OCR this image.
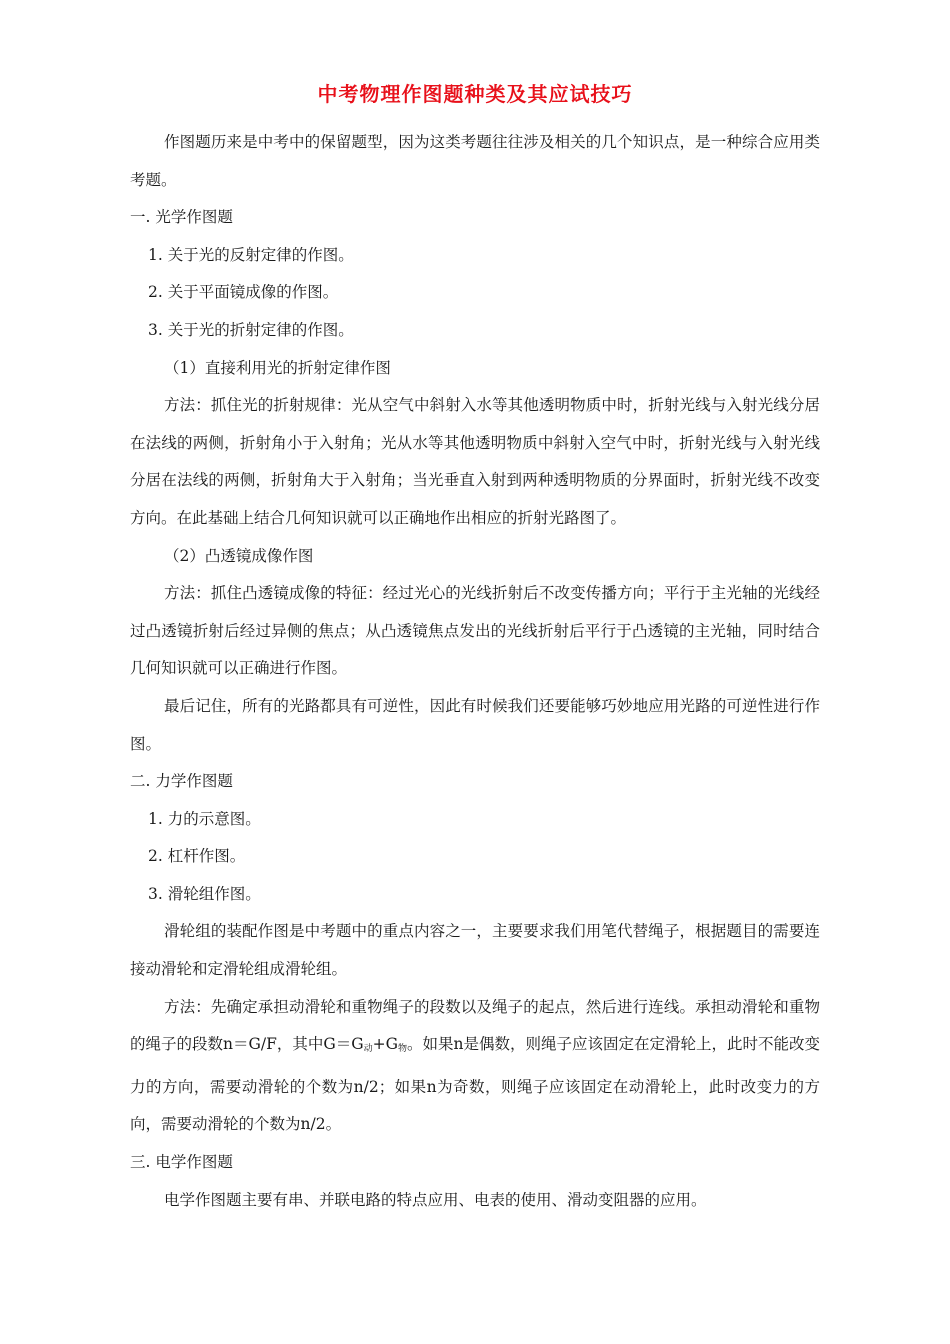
中考物理作图题种类及其应试技巧

作图题历来是中考中的保留题型，因为这类考题往往涉及相关的几个知识点，是一种综合应用类考题。

一. 光学作图题

1. 关于光的反射定律的作图。

2. 关于平面镜成像的作图。

3. 关于光的折射定律的作图。

（1）直接利用光的折射定律作图

方法：抓住光的折射规律：光从空气中斜射入水等其他透明物质中时，折射光线与入射光线分居在法线的两侧，折射角小于入射角；光从水等其他透明物质中斜射入空气中时，折射光线与入射光线分居在法线的两侧，折射角大于入射角；当光垂直入射到两种透明物质的分界面时，折射光线不改变方向。在此基础上结合几何知识就可以正确地作出相应的折射光路图了。

（2）凸透镜成像作图

方法：抓住凸透镜成像的特征：经过光心的光线折射后不改变传播方向；平行于主光轴的光线经过凸透镜折射后经过异侧的焦点；从凸透镜焦点发出的光线折射后平行于凸透镜的主光轴，同时结合几何知识就可以正确进行作图。

最后记住，所有的光路都具有可逆性，因此有时候我们还要能够巧妙地应用光路的可逆性进行作图。

二. 力学作图题

1. 力的示意图。

2. 杠杆作图。

3. 滑轮组作图。

滑轮组的装配作图是中考题中的重点内容之一，主要要求我们用笔代替绳子，根据题目的需要连接动滑轮和定滑轮组成滑轮组。

方法：先确定承担动滑轮和重物绳子的段数以及绳子的起点，然后进行连线。承担动滑轮和重物的绳子的段数n＝G/F，其中$G=G_动+G_物$。如果n是偶数，则绳子应该固定在定滑轮上，此时不能改变力的方向，需要动滑轮的个数为n/2；如果n为奇数，则绳子应该固定在动滑轮上，此时改变力的方向，需要动滑轮的个数为n/2。

三. 电学作图题

电学作图题主要有串、并联电路的特点应用、电表的使用、滑动变阻器的应用。
